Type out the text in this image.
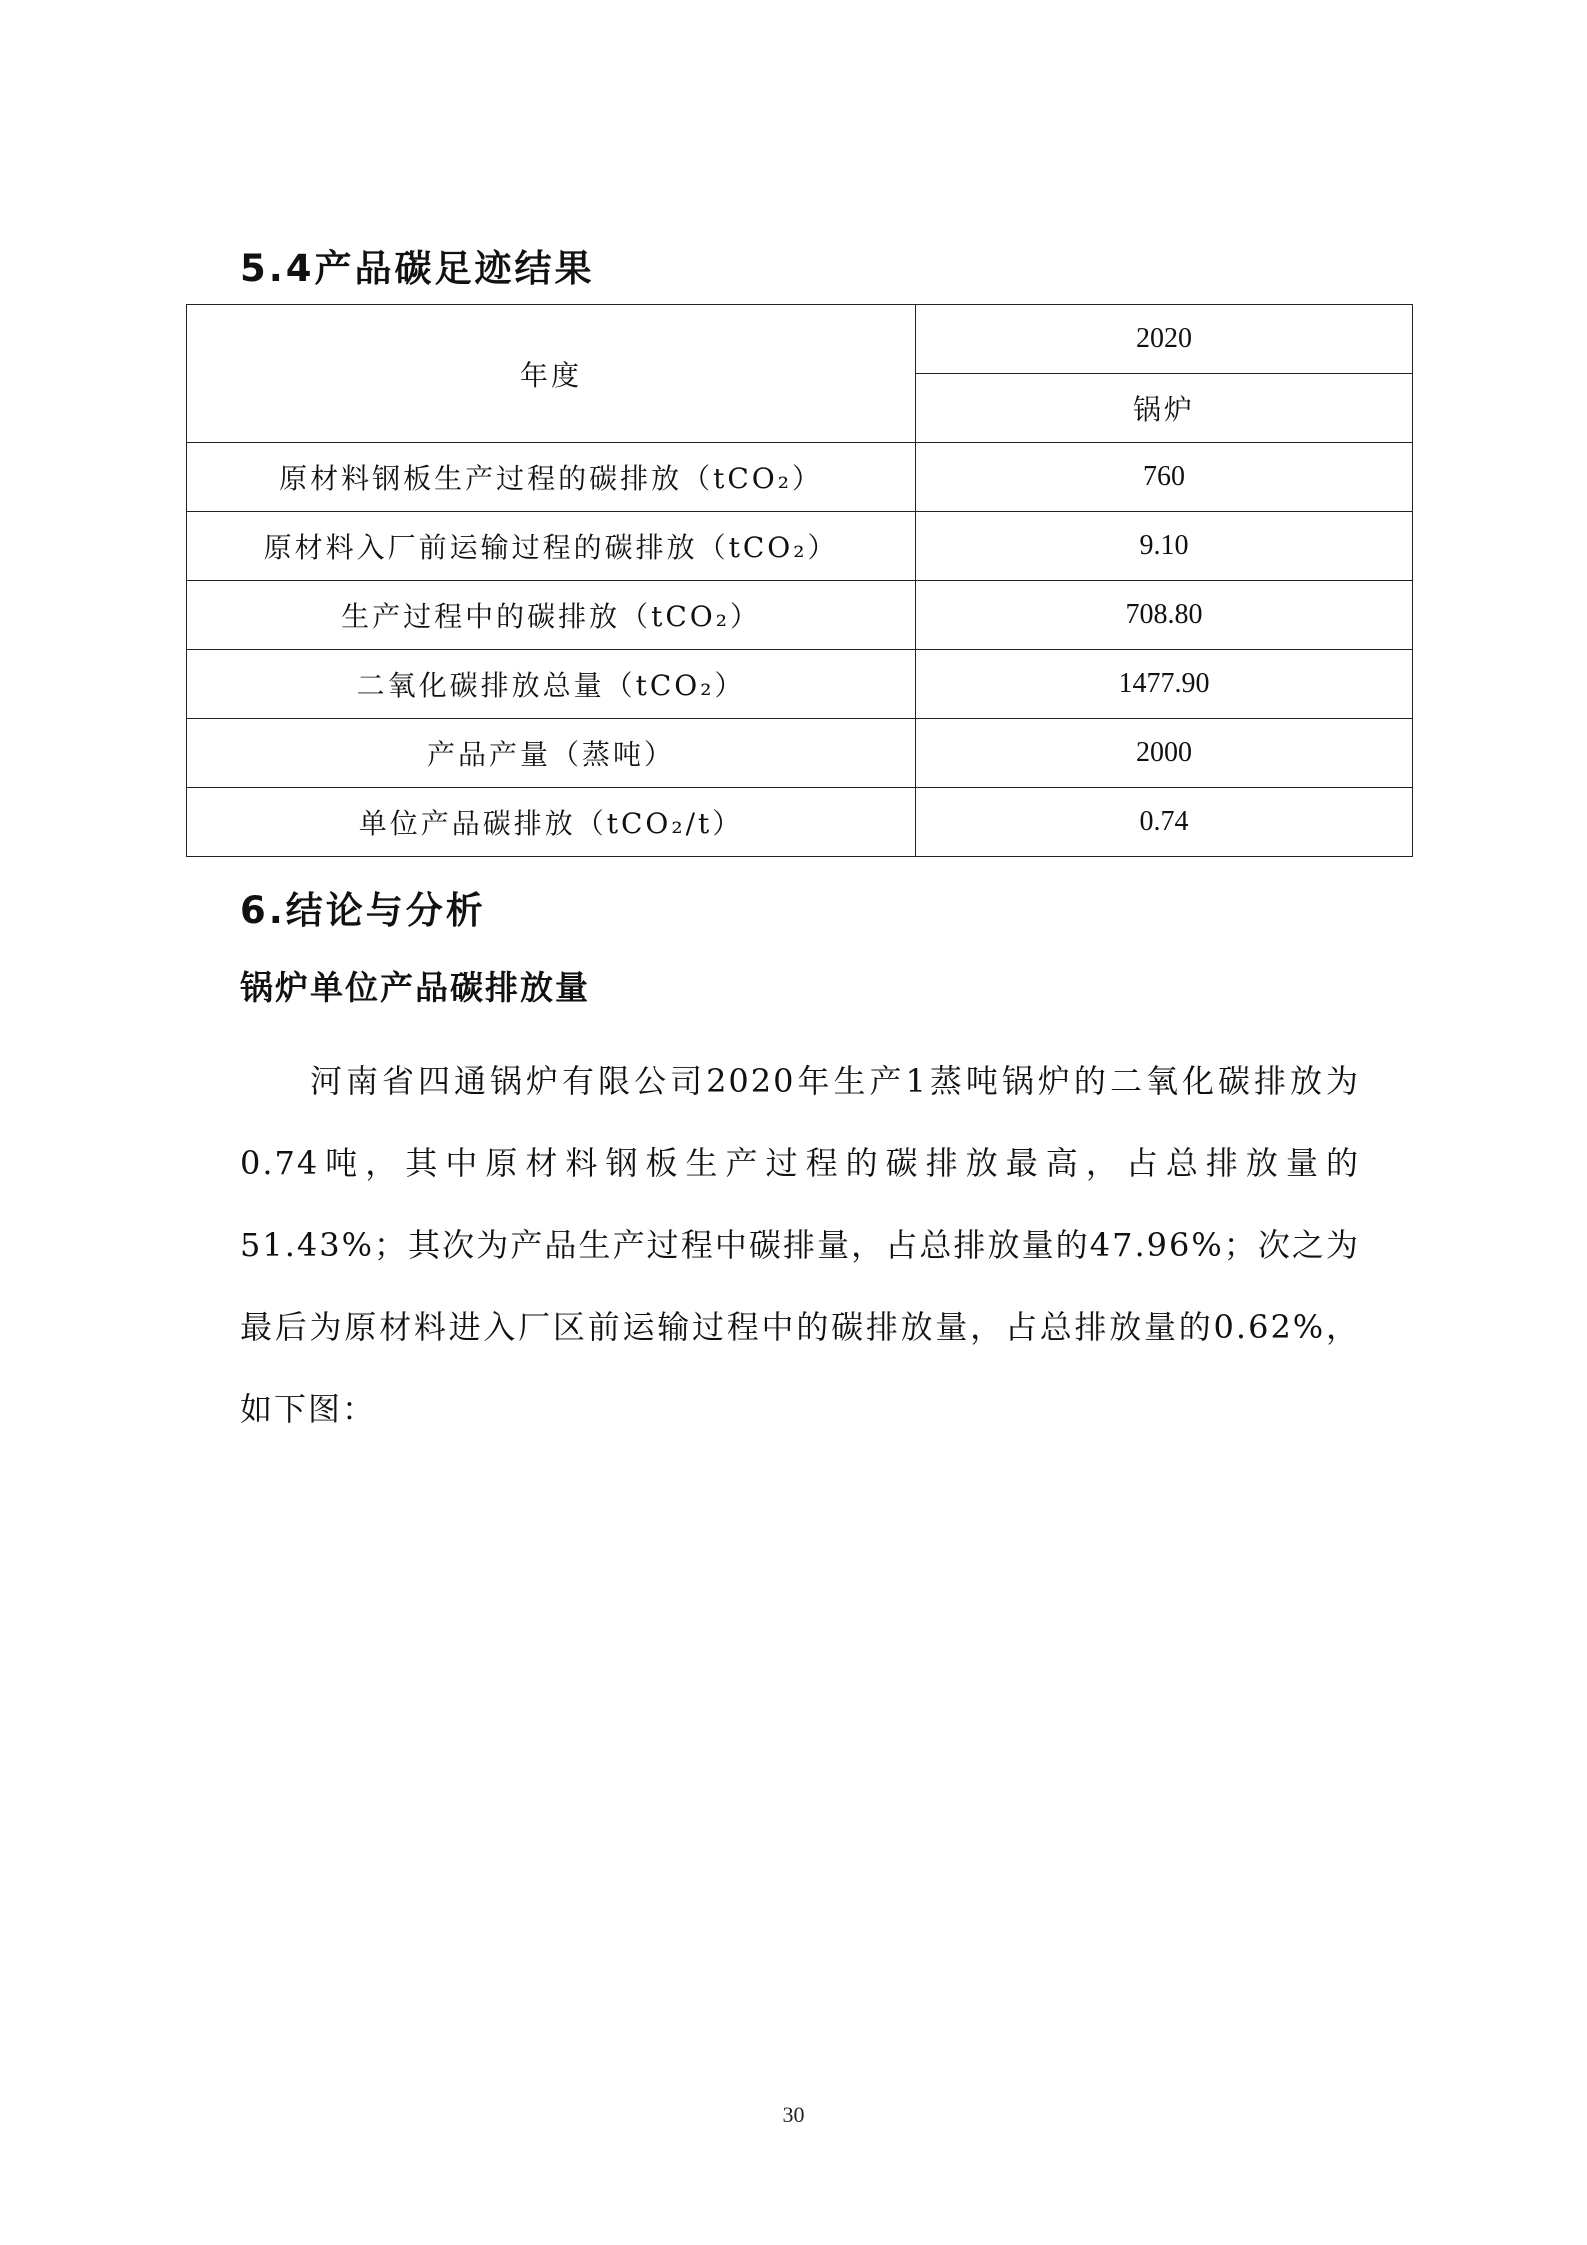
5.4产品碳足迹结果
年度	2020
	锅炉
原材料钢板生产过程的碳排放（tCO₂）	760
原材料入厂前运输过程的碳排放（tCO₂）	9.10
生产过程中的碳排放（tCO₂）	708.80
二氧化碳排放总量（tCO₂）	1477.90
产品产量（蒸吨）	2000
单位产品碳排放（tCO₂/t）	0.74
6.结论与分析
锅炉单位产品碳排放量

河南省四通锅炉有限公司2020年生产1蒸吨锅炉的二氧化碳排放为0.74吨，其中原材料钢板生产过程的碳排放最高，占总排放量的51.43%；其次为产品生产过程中碳排量，占总排放量的47.96%；次之为最后为原材料进入厂区前运输过程中的碳排放量，占总排放量的0.62%，如下图：

30
